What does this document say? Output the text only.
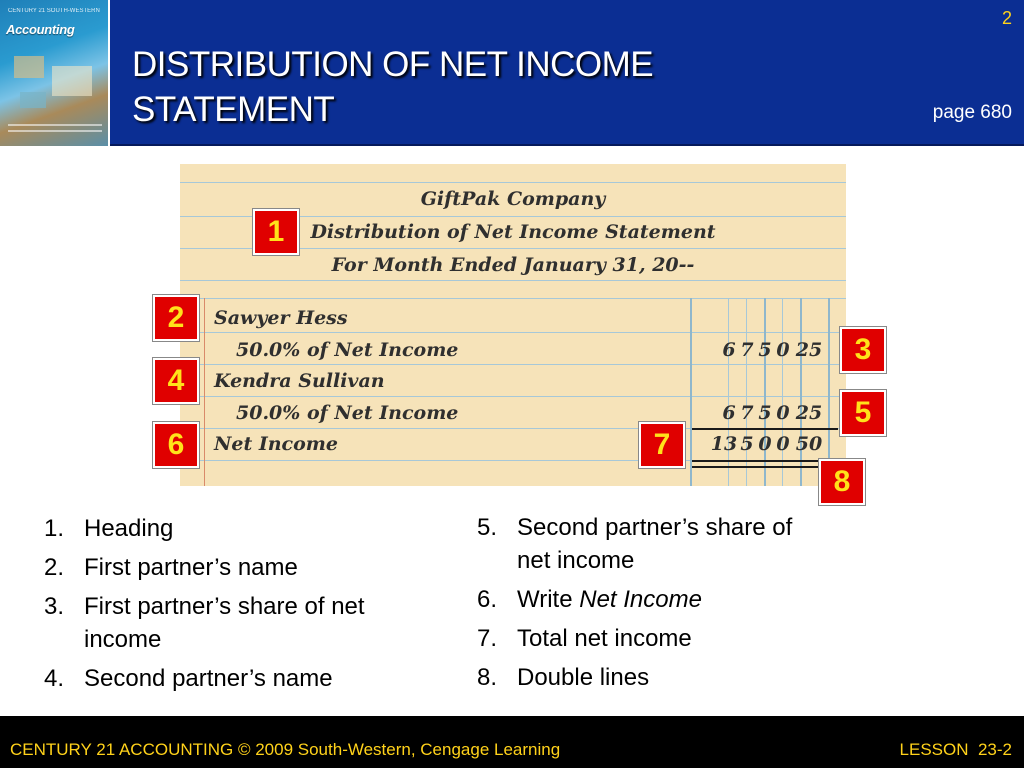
CENTURY 21 SOUTH-WESTERN
Accounting
DISTRIBUTION OF NET INCOME
STATEMENT
2
page 680
GiftPak Company
Distribution of Net Income Statement
For Month Ended January 31, 20--
Sawyer Hess
50.0% of Net Income
Kendra Sullivan
50.0% of Net Income
Net Income
6 7 5 0 25
6 7 5 0 25
13 5 0 0 50
1
2
3
4
5
6	7
8
1. Heading
2. First partner’s name
3. First partner’s share of net income
4. Second partner’s name
5. Second partner’s share of net income
6. Write Net Income
7. Total net income
8. Double lines
CENTURY 21 ACCOUNTING © 2009 South-Western, Cengage Learning	LESSON  23-2
